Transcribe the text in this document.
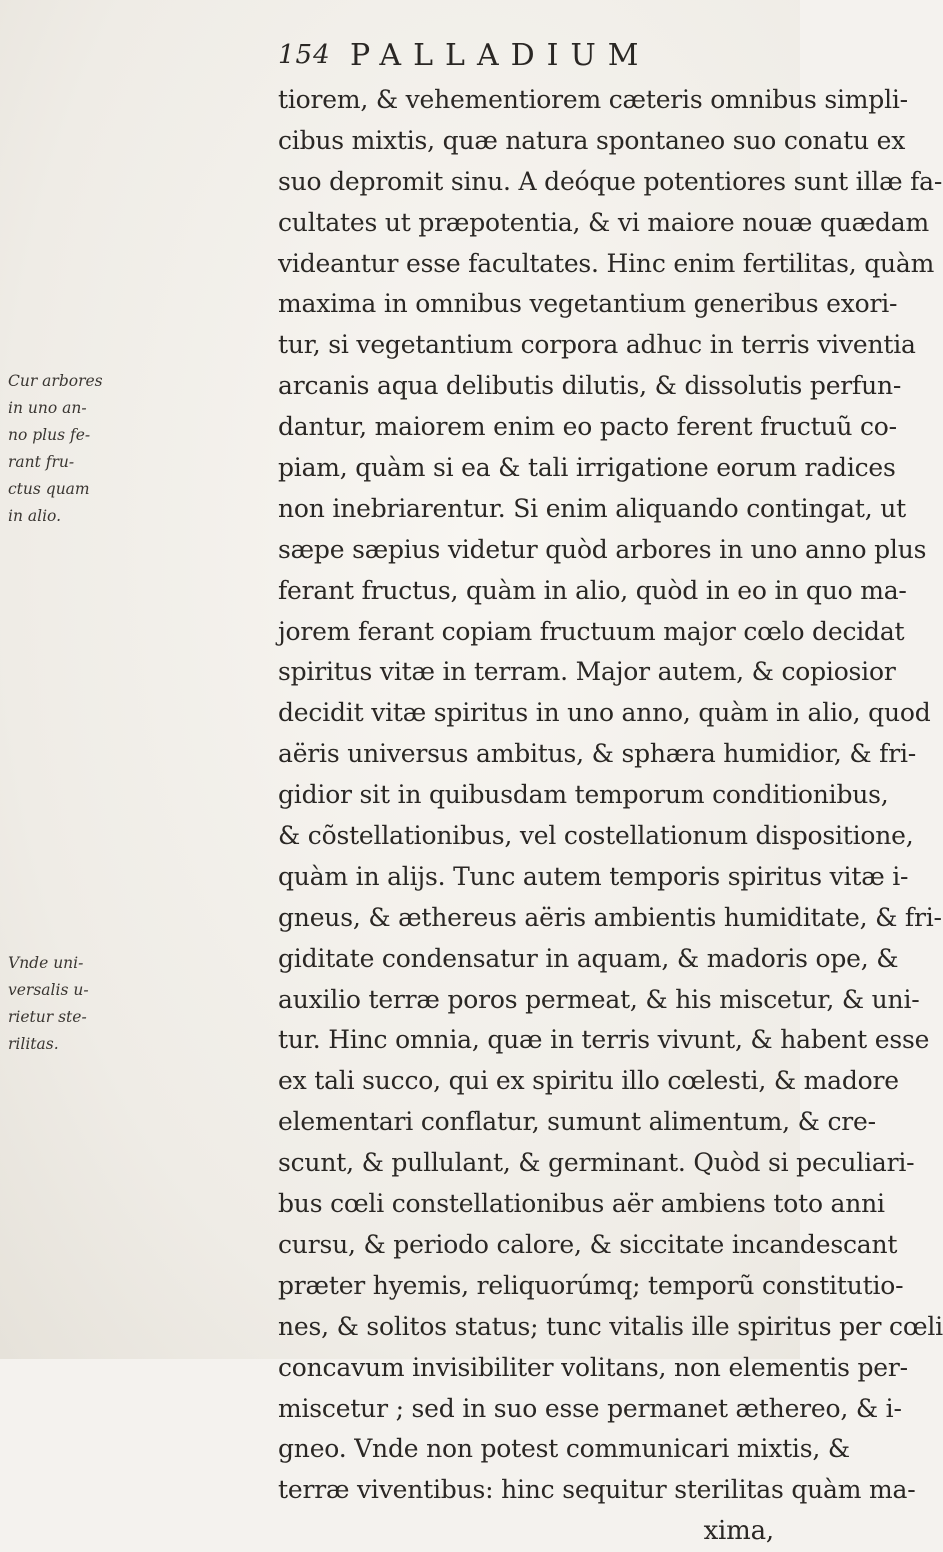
154 PALLADIUM
Cur arbores
in uno an-
no plus fe-
rant fru-
ctus quam
in alio.
Vnde uni-
versalis u-
rietur ste-
rilitas.
tiorem, & vehementiorem cæteris omnibus simpli-
cibus mixtis, quæ natura spontaneo suo conatu ex
suo depromit sinu. A deóque potentiores sunt illæ fa-
cultates ut præpotentia, & vi maiore nouæ quædam
videantur esse facultates. Hinc enim fertilitas, quàm
maxima in omnibus vegetantium generibus exori-
tur, si vegetantium corpora adhuc in terris viventia
arcanis aqua delibutis dilutis, & dissolutis perfun-
dantur, maiorem enim eo pacto ferent fructuũ co-
piam, quàm si ea & tali irrigatione eorum radices
non inebriarentur. Si enim aliquando contingat, ut
sæpe sæpius videtur quòd arbores in uno anno plus
ferant fructus, quàm in alio, quòd in eo in quo ma-
jorem ferant copiam fructuum major cœlo decidat
spiritus vitæ in terram. Major autem, & copiosior
decidit vitæ spiritus in uno anno, quàm in alio, quod
aëris universus ambitus, & sphæra humidior, & fri-
gidior sit in quibusdam temporum conditionibus,
& cõstellationibus, vel costellationum dispositione,
quàm in alijs. Tunc autem temporis spiritus vitæ i-
gneus, & æthereus aëris ambientis humiditate, & fri-
giditate condensatur in aquam, & madoris ope, &
auxilio terræ poros permeat, & his miscetur, & uni-
tur. Hinc omnia, quæ in terris vivunt, & habent esse
ex tali succo, qui ex spiritu illo cœlesti, & madore
elementari conflatur, sumunt alimentum, & cre-
scunt, & pullulant, & germinant. Quòd si peculiari-
bus cœli constellationibus aër ambiens toto anni
cursu, & periodo calore, & siccitate incandescant
præter hyemis, reliquorúmq; temporũ constitutio-
nes, & solitos status; tunc vitalis ille spiritus per cœli
concavum invisibiliter volitans, non elementis per-
miscetur ; sed in suo esse permanet æthereo, & i-
gneo. Vnde non potest communicari mixtis, &
terræ viventibus: hinc sequitur sterilitas quàm ma-
xima,
